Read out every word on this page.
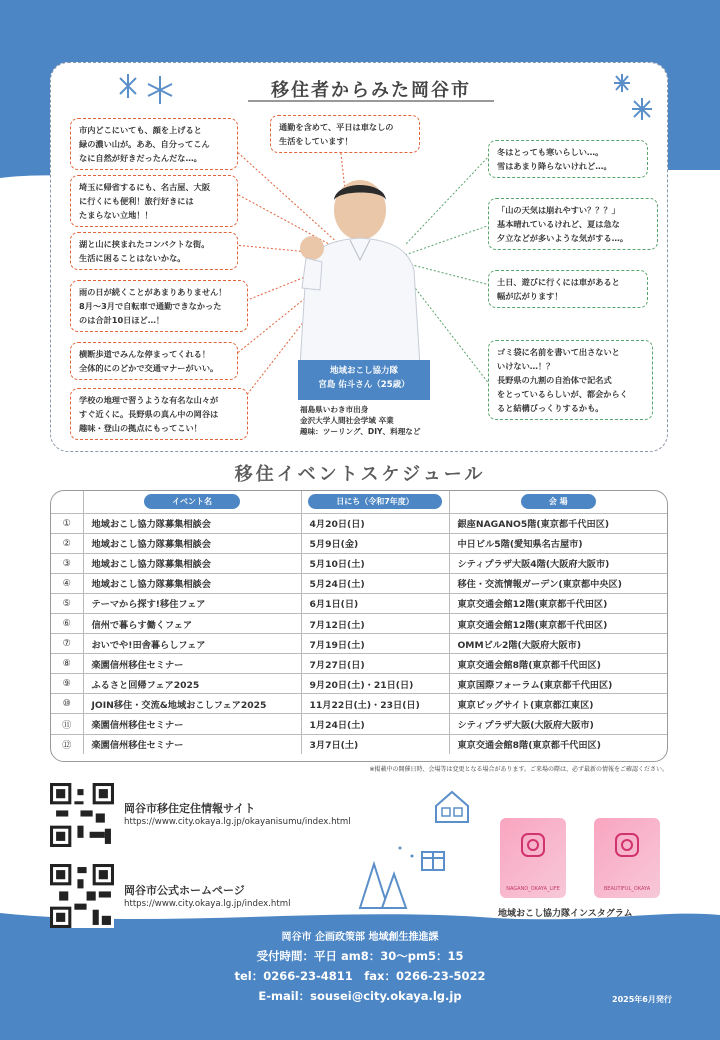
移住者からみた岡谷市
市内どこにいても、顔を上げると
緑の濃い山が。ああ、自分ってこん
なに自然が好きだったんだな…。
埼玉に帰省するにも、名古屋、大阪
に行くにも便利！旅行好きには
たまらない立地！！
湖と山に挟まれたコンパクトな街。
生活に困ることはないかな。
雨の日が続くことがあまりありません！
8月～3月で自転車で通勤できなかった
のは合計10日ほど…！
横断歩道でみんな停まってくれる！
全体的にのどかで交通マナーがいい。
学校の地理で習うような有名な山々が
すぐ近くに。長野県の真ん中の岡谷は
趣味・登山の拠点にもってこい！
通勤を含めて、平日は車なしの
生活をしています！
冬はとっても寒いらしい…。
雪はあまり降らないけれど…。
「山の天気は崩れやすい？？？」
基本晴れているけれど、夏は急な
夕立などが多いような気がする…。
土日、遊びに行くには車があると
幅が広がります！
ゴミ袋に名前を書いて出さないと
いけない…！？
長野県の九割の自治体で記名式
をとっているらしいが、都会からく
ると結構びっくりするかも。
地域おこし協力隊
宮島 佑斗さん（25歳）
福島県いわき市出身
金沢大学人間社会学域 卒業
趣味：ツーリング、DIY、料理など
移住イベントスケジュール
	イベント名	日にち（令和7年度）	会 場
①	地域おこし協力隊募集相談会	4月20日(日)	銀座NAGANO5階(東京都千代田区)
②	地域おこし協力隊募集相談会	5月9日(金)	中日ビル5階(愛知県名古屋市)
③	地域おこし協力隊募集相談会	5月10日(土)	シティプラザ大阪4階(大阪府大阪市)
④	地域おこし協力隊募集相談会	5月24日(土)	移住・交流情報ガーデン(東京都中央区)
⑤	テーマから探す!移住フェア	6月1日(日)	東京交通会館12階(東京都千代田区)
⑥	信州で暮らす働くフェア	7月12日(土)	東京交通会館12階(東京都千代田区)
⑦	おいでや!田舎暮らしフェア	7月19日(土)	OMMビル2階(大阪府大阪市)
⑧	楽園信州移住セミナー	7月27日(日)	東京交通会館8階(東京都千代田区)
⑨	ふるさと回帰フェア2025	9月20日(土)・21日(日)	東京国際フォーラム(東京都千代田区)
⑩	JOIN移住・交流&地域おこしフェア2025	11月22日(土)・23日(日)	東京ビッグサイト(東京都江東区)
⑪	楽園信州移住セミナー	1月24日(土)	シティプラザ大阪(大阪府大阪市)
⑫	楽園信州移住セミナー	3月7日(土)	東京交通会館8階(東京都千代田区)
※掲載中の開催日時、会場等は変更となる場合があります。ご来場の際は、必ず最新の情報をご確認ください。
岡谷市移住定住情報サイト
https://www.city.okaya.lg.jp/okayanisumu/index.html
岡谷市公式ホームページ
https://www.city.okaya.lg.jp/index.html
NAGANO_OKAYA_LIFE	BEAUTIFUL_OKAYA
地域おこし協力隊インスタグラム
岡谷市 企画政策部 地域創生推進課
受付時間：平日 am8：30～pm5：15
tel：0266-23-4811　fax：0266-23-5022
E-mail：sousei@city.okaya.lg.jp	2025年6月発行
